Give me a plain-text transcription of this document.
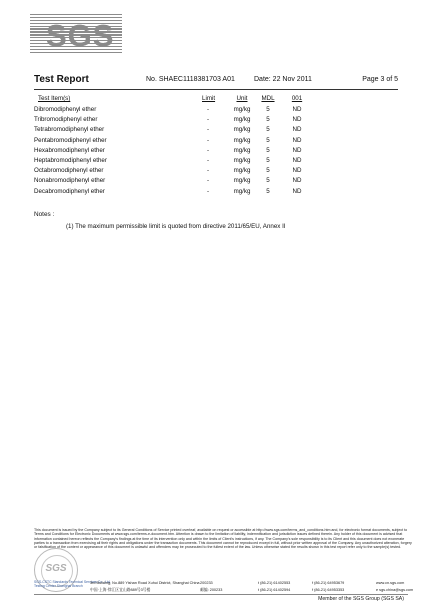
SGS
Test Report	No. SHAEC1118381703 A01	Date: 22 Nov 2011	Page 3 of 5
Test Item(s)	Limit	Unit	MDL	001
Dibromodiphenyl ether	-	mg/kg	5	ND
Tribromodiphenyl ether	-	mg/kg	5	ND
Tetrabromodiphenyl ether	-	mg/kg	5	ND
Pentabromodiphenyl ether	-	mg/kg	5	ND
Hexabromodiphenyl ether	-	mg/kg	5	ND
Heptabromodiphenyl ether	-	mg/kg	5	ND
Octabromodiphenyl ether	-	mg/kg	5	ND
Nonabromodiphenyl ether	-	mg/kg	5	ND
Decabromodiphenyl ether	-	mg/kg	5	ND
Notes :
(1) The maximum permissible limit is quoted from directive 2011/65/EU, Annex II
This document is issued by the Company subject to its General Conditions of Service printed overleaf, available on request or accessible at http://www.sgs.com/terms_and_conditions.htm and, for electronic format documents, subject to Terms and Conditions for Electronic Documents at www.sgs.com/terms-e-document.htm. Attention is drawn to the limitation of liability, indemnification and jurisdiction issues defined therein. Any holder of this document is advised that information contained hereon reflects the Company's findings at the time of its intervention only and within the limits of Client's instructions, if any. The Company's sole responsibility is to its Client and this document does not exonerate parties to a transaction from exercising all their rights and obligations under the transaction documents. This document cannot be reproduced except in full, without prior written approval of the Company. Any unauthorized alteration, forgery or falsification of the content or appearance of this document is unlawful and offenders may be prosecuted to the fullest extent of the law. Unless otherwise stated the results shown in this test report refer only to the sample(s) tested.
SGS
SGS-CSTC Standards Technical Services Co., Ltd.
Testing Center Shanghai Branch
3rd Building, No.889 Yishan Road Xuhui District, Shanghai China
中国·上海·徐汇区宜山路889号3号楼
200233
邮编: 200233
t (86-21) 61402553
t (86-21) 61402594
f (86-21) 64953679
f (86-21) 64953353
www.cn.sgs.com
e sgs.china@sgs.com
Member of the SGS Group (SGS SA)
